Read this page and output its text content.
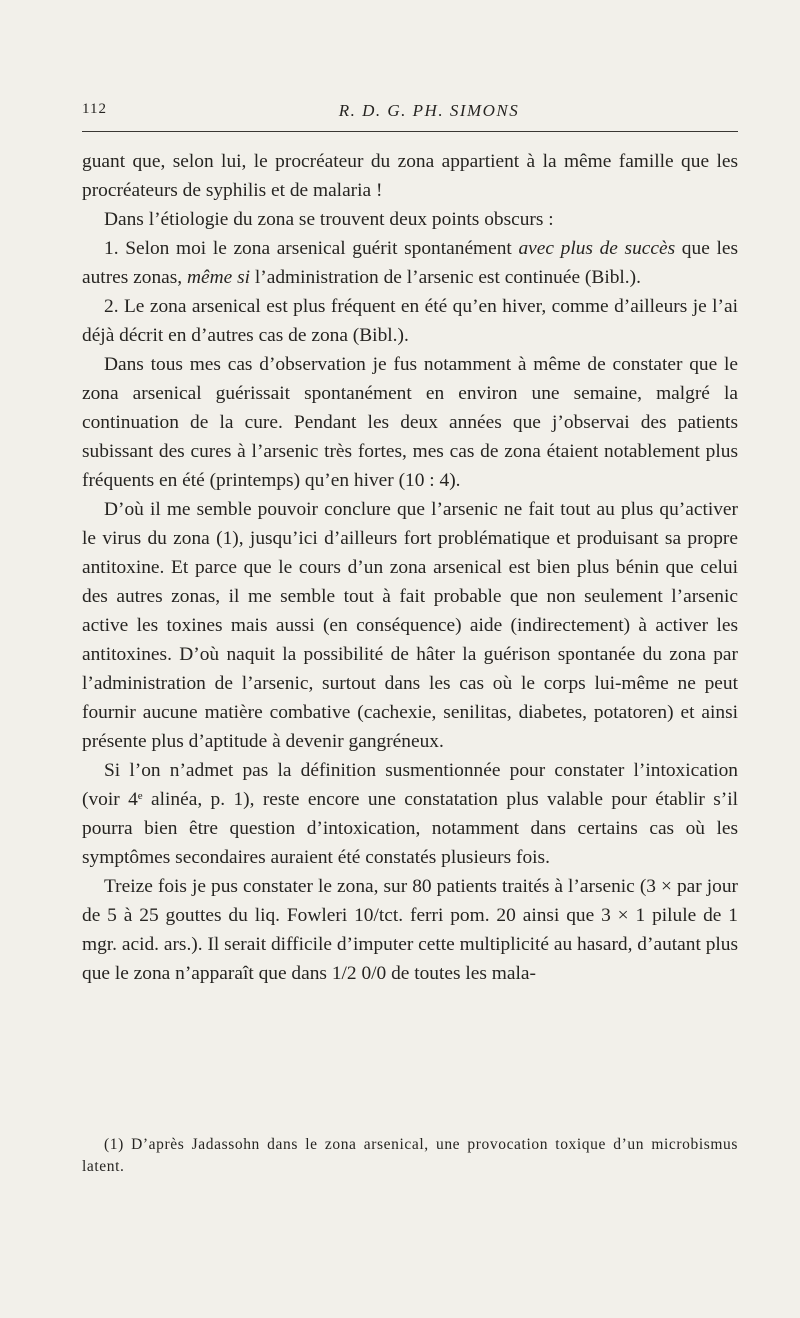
112	R. D. G. PH. SIMONS

guant que, selon lui, le procréateur du zona appartient à la même famille que les procréateurs de syphilis et de malaria !

Dans l’étiologie du zona se trouvent deux points obscurs :

1. Selon moi le zona arsenical guérit spontanément avec plus de succès que les autres zonas, même si l’administration de l’arsenic est continuée (Bibl.).

2. Le zona arsenical est plus fréquent en été qu’en hiver, comme d’ailleurs je l’ai déjà décrit en d’autres cas de zona (Bibl.).

Dans tous mes cas d’observation je fus notamment à même de constater que le zona arsenical guérissait spontanément en environ une semaine, malgré la continuation de la cure. Pendant les deux années que j’observai des patients subissant des cures à l’arsenic très fortes, mes cas de zona étaient notablement plus fréquents en été (printemps) qu’en hiver (10 : 4).

D’où il me semble pouvoir conclure que l’arsenic ne fait tout au plus qu’activer le virus du zona (1), jusqu’ici d’ailleurs fort problématique et produisant sa propre antitoxine. Et parce que le cours d’un zona arsenical est bien plus bénin que celui des autres zonas, il me semble tout à fait probable que non seulement l’arsenic active les toxines mais aussi (en conséquence) aide (indirectement) à activer les antitoxines. D’où naquit la possibilité de hâter la guérison spontanée du zona par l’administration de l’arsenic, surtout dans les cas où le corps lui-même ne peut fournir aucune matière combative (cachexie, senilitas, diabetes, potatoren) et ainsi présente plus d’aptitude à devenir gangréneux.

Si l’on n’admet pas la définition susmentionnée pour constater l’intoxication (voir 4e alinéa, p. 1), reste encore une constatation plus valable pour établir s’il pourra bien être question d’intoxication, notamment dans certains cas où les symptômes secondaires auraient été constatés plusieurs fois.

Treize fois je pus constater le zona, sur 80 patients traités à l’arsenic (3 × par jour de 5 à 25 gouttes du liq. Fowleri 10/tct. ferri pom. 20 ainsi que 3 × 1 pilule de 1 mgr. acid. ars.). Il serait difficile d’imputer cette multiplicité au hasard, d’autant plus que le zona n’apparaît que dans 1/2 0/0 de toutes les mala-

(1) D’après Jadassohn dans le zona arsenical, une provocation toxique d’un microbismus latent.
